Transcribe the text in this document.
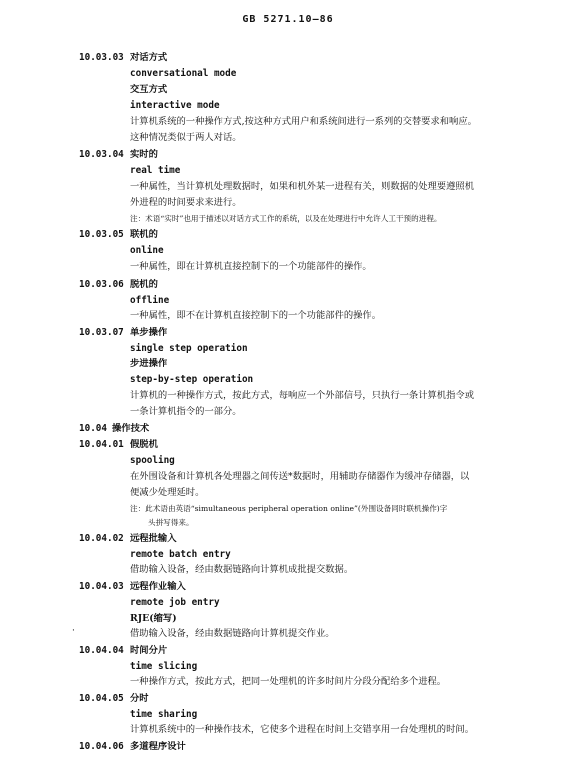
GB 5271.10—86
10.03.03 对话方式
conversational mode
交互方式
interactive mode
计算机系统的一种操作方式,按这种方式用户和系统间进行一系列的交替要求和响应。
这种情况类似于两人对话。
10.03.04 实时的
real time
一种属性，当计算机处理数据时，如果和机外某一进程有关，则数据的处理要遵照机
外进程的时间要求来进行。
注：术语“实时”也用于描述以对话方式工作的系统，以及在处理进行中允许人工干预的进程。
10.03.05 联机的
online
一种属性，即在计算机直接控制下的一个功能部件的操作。
10.03.06 脱机的
offline
一种属性，即不在计算机直接控制下的一个功能部件的操作。
10.03.07 单步操作
single step operation
步进操作
step-by-step operation
计算机的一种操作方式，按此方式，每响应一个外部信号，只执行一条计算机指令或
一条计算机指令的一部分。
10.04 操作技术
10.04.01 假脱机
spooling
在外围设备和计算机各处理器之间传送*数据时，用辅助存储器作为缓冲存储器，以
便减少处理延时。
注：此术语由英语“simultaneous peripheral operation online”(外围设备同时联机操作)字
头拼写得来。
10.04.02 远程批输入
remote batch entry
借助输入设备，经由数据链路向计算机成批提交数据。
10.04.03 远程作业输入
remote job entry
RJE(缩写)
·	借助输入设备，经由数据链路向计算机提交作业。
10.04.04 时间分片
time slicing
一种操作方式，按此方式，把同一处理机的许多时间片分段分配给多个进程。
10.04.05 分时
time sharing
计算机系统中的一种操作技术，它使多个进程在时间上交错享用一台处理机的时间。
10.04.06 多道程序设计
